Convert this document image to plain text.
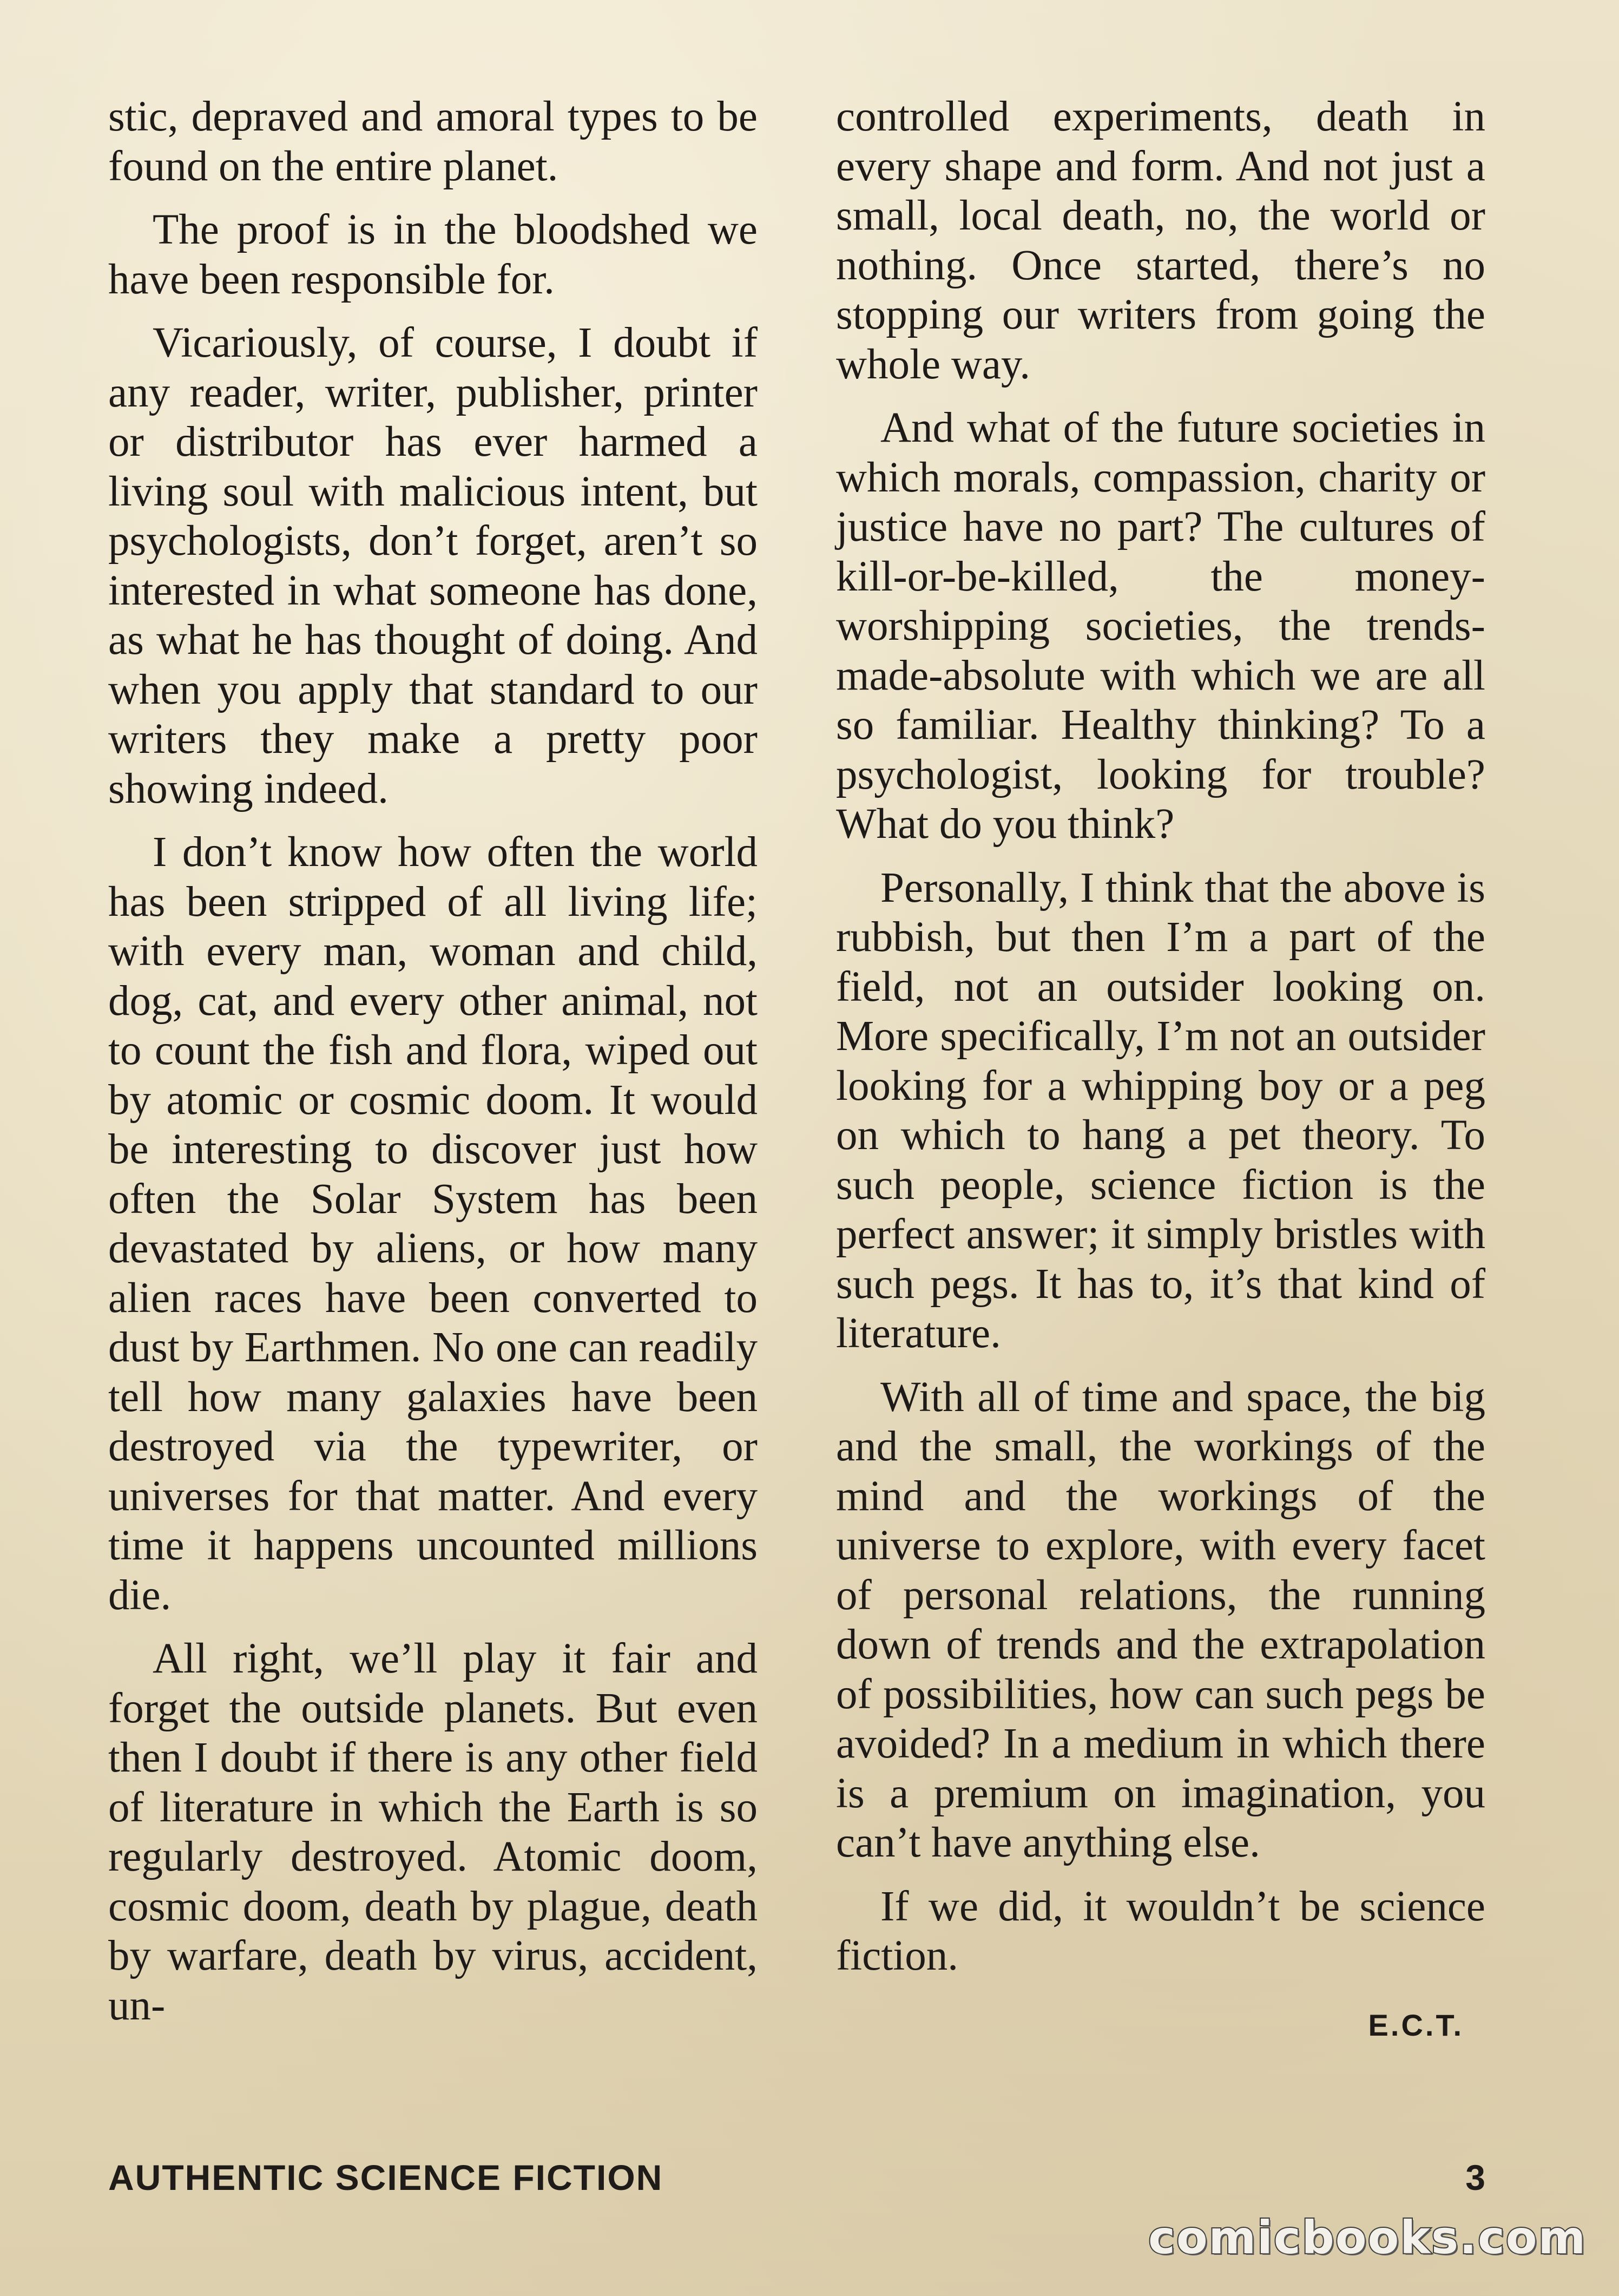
stic, depraved and amoral types to be found on the entire planet.

The proof is in the bloodshed we have been responsible for.

Vicariously, of course, I doubt if any reader, writer, publisher, printer or distributor has ever harmed a living soul with malicious intent, but psychologists, don’t forget, aren’t so interested in what someone has done, as what he has thought of doing. And when you apply that standard to our writers they make a pretty poor showing indeed.

I don’t know how often the world has been stripped of all living life; with every man, woman and child, dog, cat, and every other animal, not to count the fish and flora, wiped out by atomic or cosmic doom. It would be interesting to discover just how often the Solar System has been devastated by aliens, or how many alien races have been converted to dust by Earthmen. No one can readily tell how many galaxies have been destroyed via the typewriter, or universes for that matter. And every time it happens uncounted millions die.

All right, we’ll play it fair and forget the outside planets. But even then I doubt if there is any other field of literature in which the Earth is so regularly destroyed. Atomic doom, cosmic doom, death by plague, death by warfare, death by virus, accident, un-

controlled experiments, death in every shape and form. And not just a small, local death, no, the world or nothing. Once started, there’s no stopping our writers from going the whole way.

And what of the future societies in which morals, compassion, charity or justice have no part? The cultures of kill-or-be-killed, the money-worshipping societies, the trends-made-absolute with which we are all so familiar. Healthy thinking? To a psychologist, looking for trouble? What do you think?

Personally, I think that the above is rubbish, but then I’m a part of the field, not an outsider looking on. More specifically, I’m not an outsider looking for a whipping boy or a peg on which to hang a pet theory. To such people, science fiction is the perfect answer; it simply bristles with such pegs. It has to, it’s that kind of literature.

With all of time and space, the big and the small, the workings of the mind and the workings of the universe to explore, with every facet of personal relations, the running down of trends and the extrapolation of possibilities, how can such pegs be avoided? In a medium in which there is a premium on imagination, you can’t have anything else.

If we did, it wouldn’t be science fiction.

E.C.T.
AUTHENTIC SCIENCE FICTION	3
comicbooks.com
